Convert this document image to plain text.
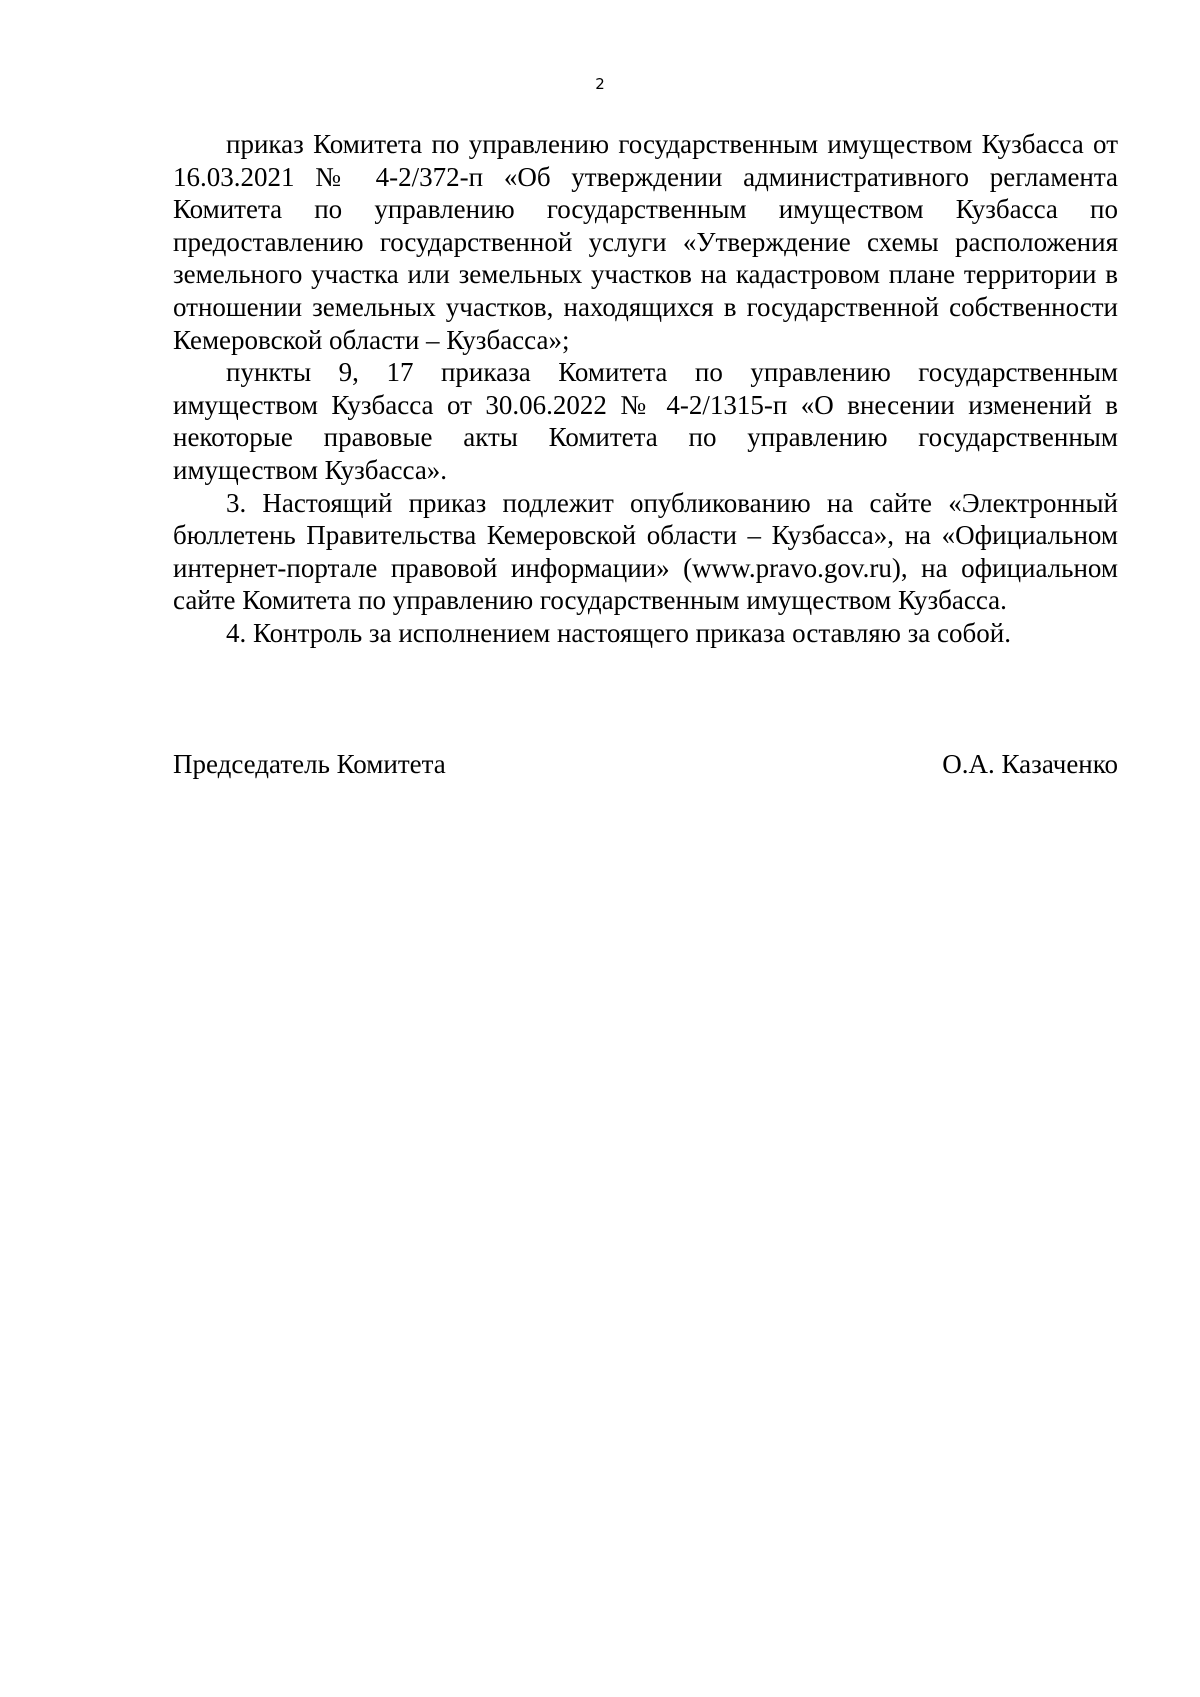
2

приказ Комитета по управлению государственным имуществом Кузбасса от 16.03.2021 № 4-2/372-п «Об утверждении административного регламента Комитета по управлению государственным имуществом Кузбасса по предоставлению государственной услуги «Утверждение схемы расположения земельного участка или земельных участков на кадастровом плане территории в отношении земельных участков, находящихся в государственной собственности Кемеровской области – Кузбасса»;

пункты 9, 17 приказа Комитета по управлению государственным имуществом Кузбасса от 30.06.2022 № 4-2/1315-п «О внесении изменений в некоторые правовые акты Комитета по управлению государственным имуществом Кузбасса».

3. Настоящий приказ подлежит опубликованию на сайте «Электронный бюллетень Правительства Кемеровской области – Кузбасса», на «Официальном интернет-портале правовой информации» (www.pravo.gov.ru), на официальном сайте Комитета по управлению государственным имуществом Кузбасса.

4. Контроль за исполнением настоящего приказа оставляю за собой.

Председатель Комитета	О.А. Казаченко
